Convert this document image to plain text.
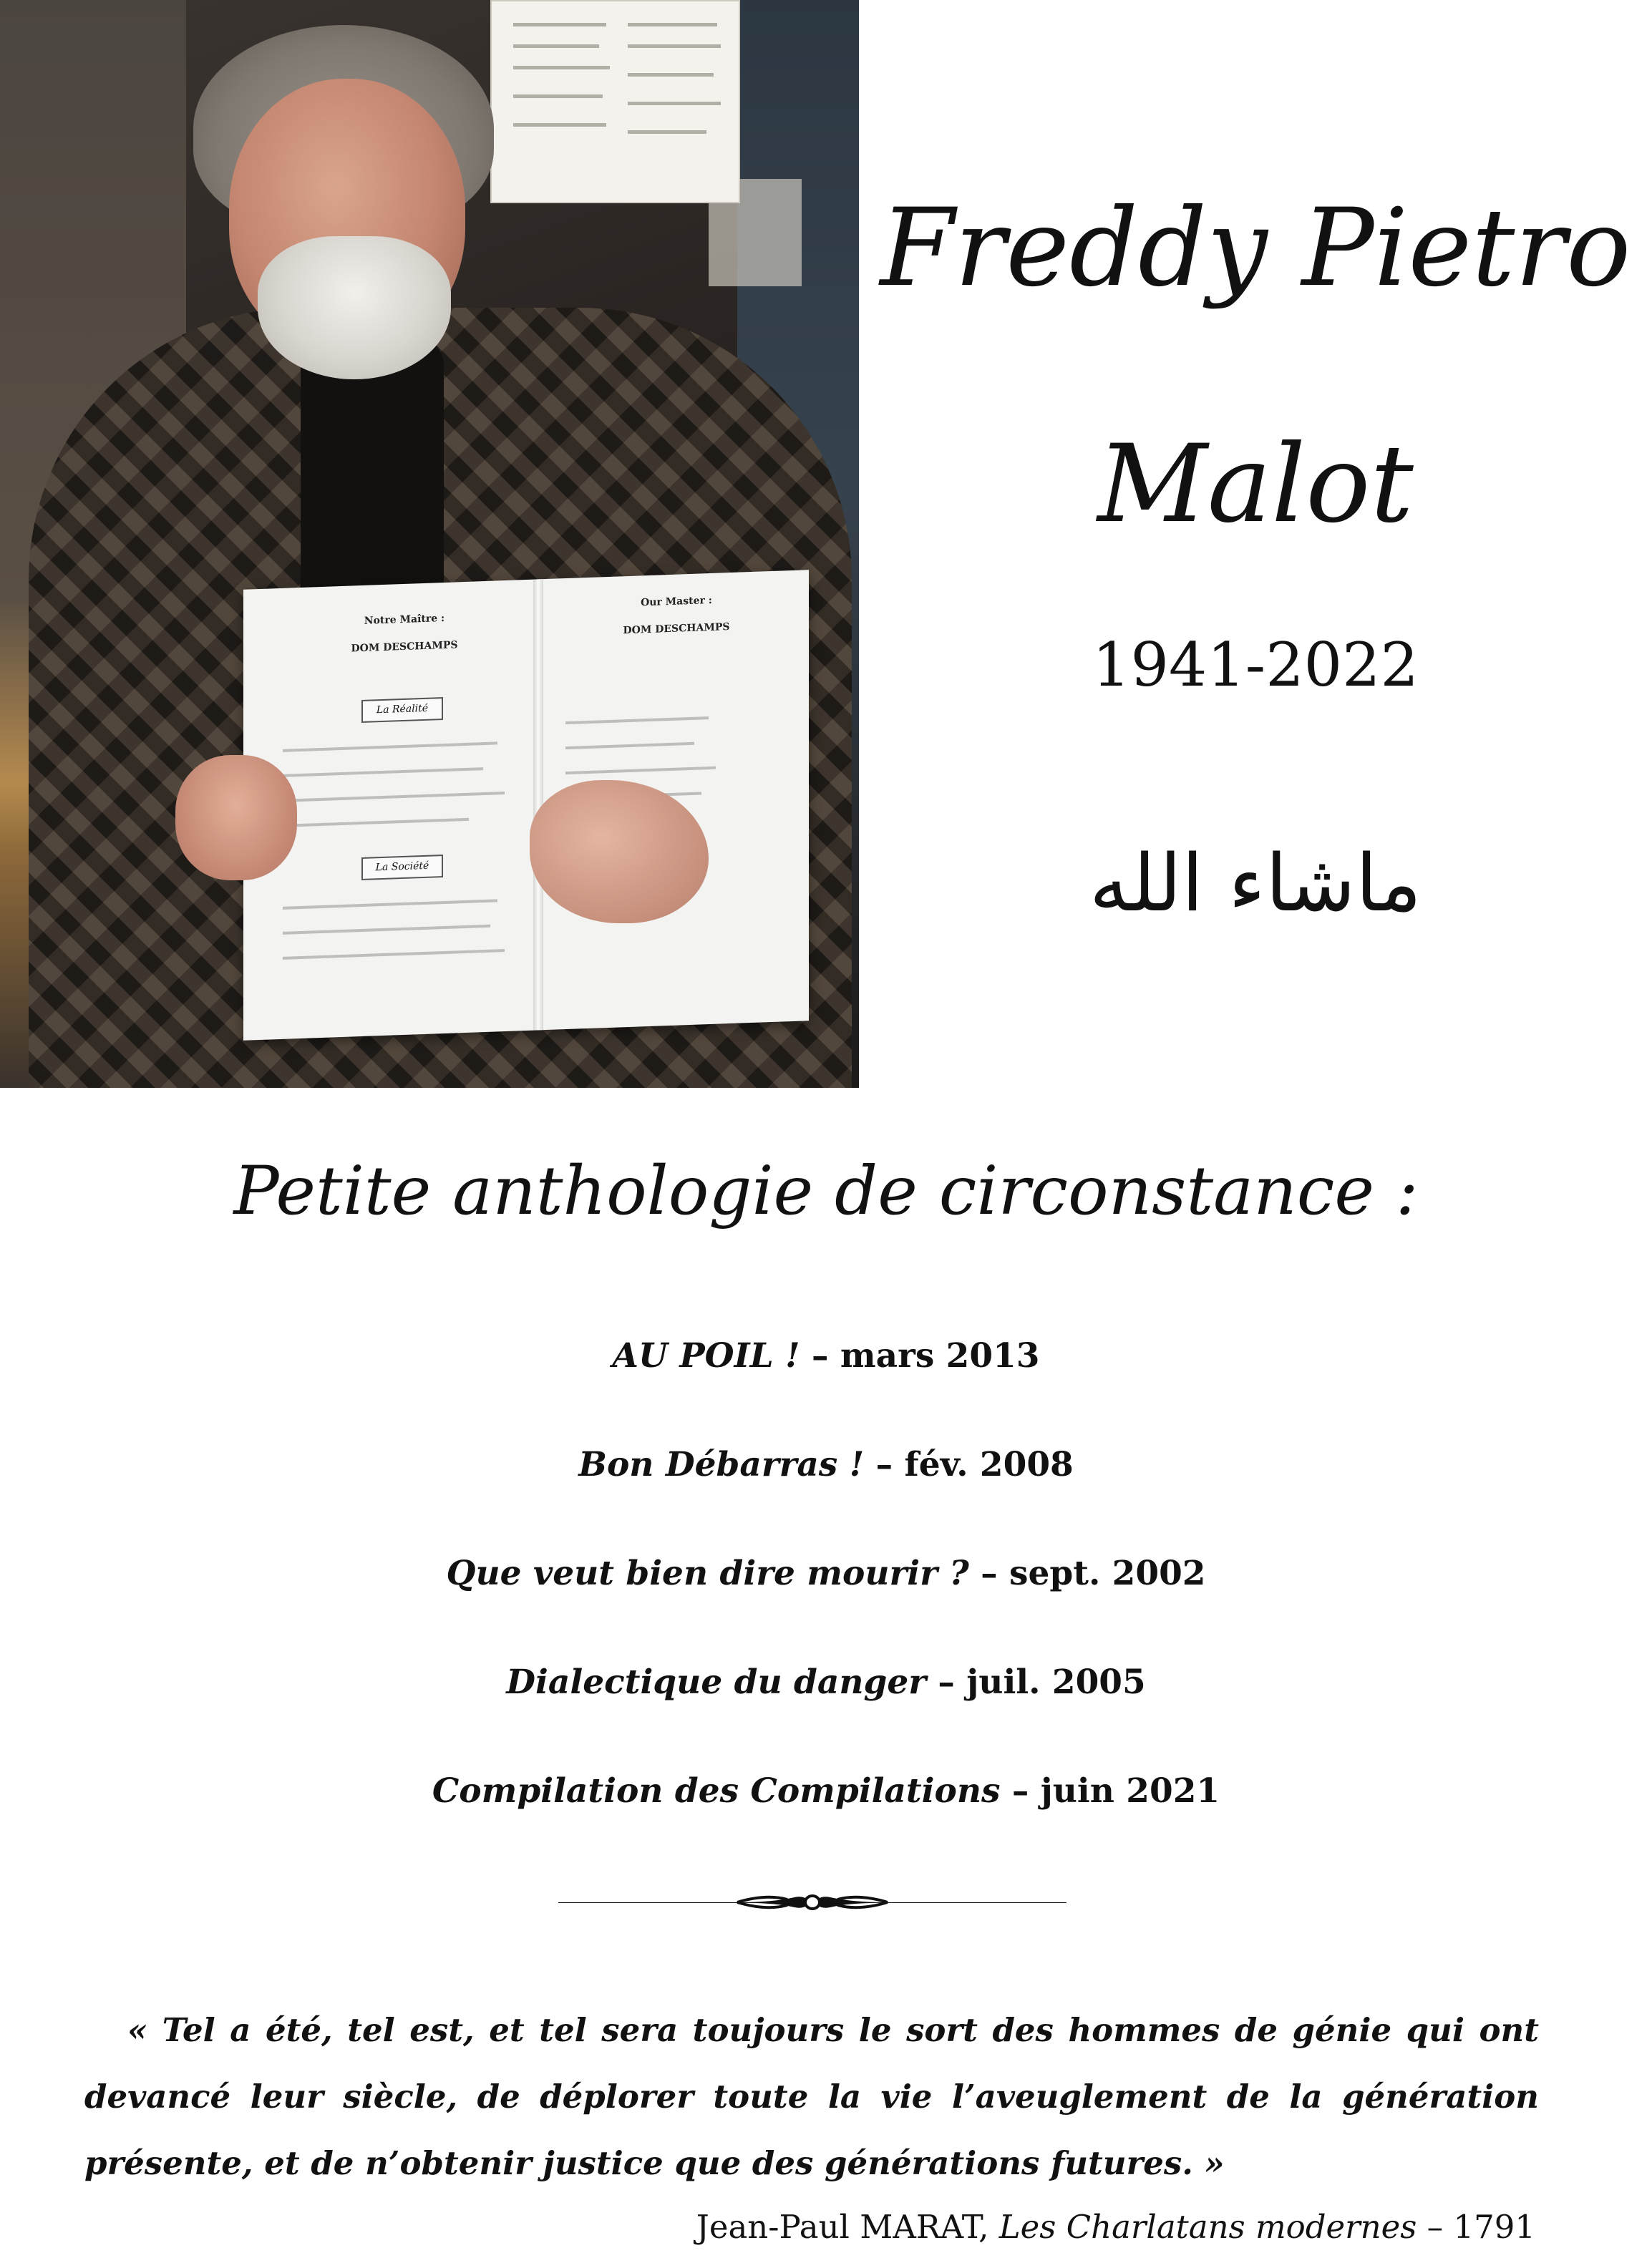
Notre Maître :
DOM DESCHAMPS
La Réalité
La Société
Our Master :
DOM DESCHAMPS
Freddy Pietro
Malot
1941-2022
ماشاء الله
Petite anthologie de circonstance :
AU POIL ! – mars 2013
Bon Débarras ! – fév. 2008
Que veut bien dire mourir ? – sept. 2002
Dialectique du danger – juil. 2005
Compilation des Compilations – juin 2021

« Tel a été, tel est, et tel sera toujours le sort des hommes de génie qui ont devancé leur siècle, de déplorer toute la vie l’aveuglement de la génération présente, et de n’obtenir justice que des générations futures. »

Jean-Paul MARAT, Les Charlatans modernes – 1791
